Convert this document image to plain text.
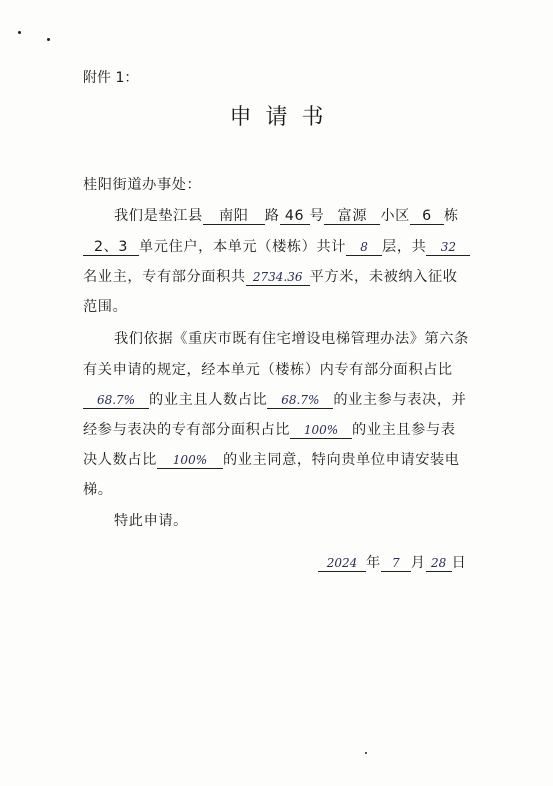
附件 1：
申请书
桂阳街道办事处：
我们是垫江县 南阳 路 46 号 富源 小区 6 栋
2、3 单元住户，本单元（楼栋）共计 8 层，共 32
名业主，专有部分面积共 2734.36 平方米，未被纳入征收
范围。
我们依据《重庆市既有住宅增设电梯管理办法》第六条
有关申请的规定，经本单元（楼栋）内专有部分面积占比
68.7% 的业主且人数占比 68.7% 的业主参与表决，并
经参与表决的专有部分面积占比 100% 的业主且参与表
决人数占比 100% 的业主同意，特向贵单位申请安装电
梯。
特此申请。
2024 年 7 月 28 日
